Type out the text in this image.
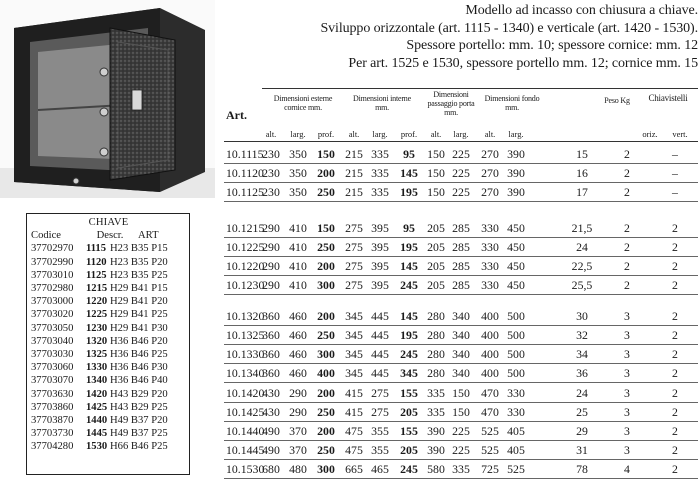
Modello ad incasso con chiusura a chiave.
Sviluppo orizzontale (art. 1115 - 1340) e verticale (art. 1420 - 1530).
Spessore portello: mm. 10; spessore cornice: mm. 12
Per art. 1525 e 1530, spessore portello mm. 12; cornice mm. 15
CHIAVE
Codice	Descr.	ART
37702970	1115 H23 B35 P15
37702990	1120 H23 B35 P20
37703010	1125 H23 B35 P25
37702980	1215 H29 B41 P15
37703000	1220 H29 B41 P20
37703020	1225 H29 B41 P25
37703050	1230 H29 B41 P30
37703040	1320 H36 B46 P20
37703030	1325 H36 B46 P25
37703060	1330 H36 B46 P30
37703070	1340 H36 B46 P40
37703630	1420 H43 B29 P20
37703860	1425 H43 B29 P25
37703870	1440 H49 B37 P20
37703730	1445 H49 B37 P25
37704280	1530 H66 B46 P25
Art.
Dimensioni esterne cornice mm.
Dimensioni interne mm.
Dimensioni passaggio porta mm.
Dimensioni fondo mm.
Peso Kg	Chiavistelli
alt.	larg.	prof.	alt.	larg.	prof.	alt.	larg.	alt.	larg.	oriz.	vert.
10.1115
230 350 150 215 335	95	150 225 270 390	15	2	–
10.1120
230 350 200 215 335 145 150 225 270 390	16	2	–
10.1125
230 350 250 215 335 195 150 225 270 390	17	2	–
10.1215
290 410 150 275 395	95	205 285 330 450	21,5	2	2
10.1225
290 410 250 275 395 195 205 285 330 450	24	2	2
10.1220
290 410 200 275 395 145 205 285 330 450	22,5	2	2
10.1230
290 410 300 275 395 245 205 285 330 450	25,5	2	2
10.1320
360 460 200 345 445 145 280 340 400 500	30	3	2
10.1325
360 460 250 345 445 195 280 340 400 500	32	3	2
10.1330
360 460 300 345 445 245 280 340 400 500	34	3	2
10.1340
360 460 400 345 445 345 280 340 400 500	36	3	2
10.1420
430 290 200 415 275 155 335 150 470 330	24	3	2
10.1425
430 290 250 415 275 205 335 150 470 330	25	3	2
10.1440
490 370 200 475 355 155 390 225 525 405	29	3	2
10.1445
490 370 250 475 355 205 390 225 525 405	31	3	2
10.1530
680 480 300 665 465 245 580 335 725 525	78	4	2
